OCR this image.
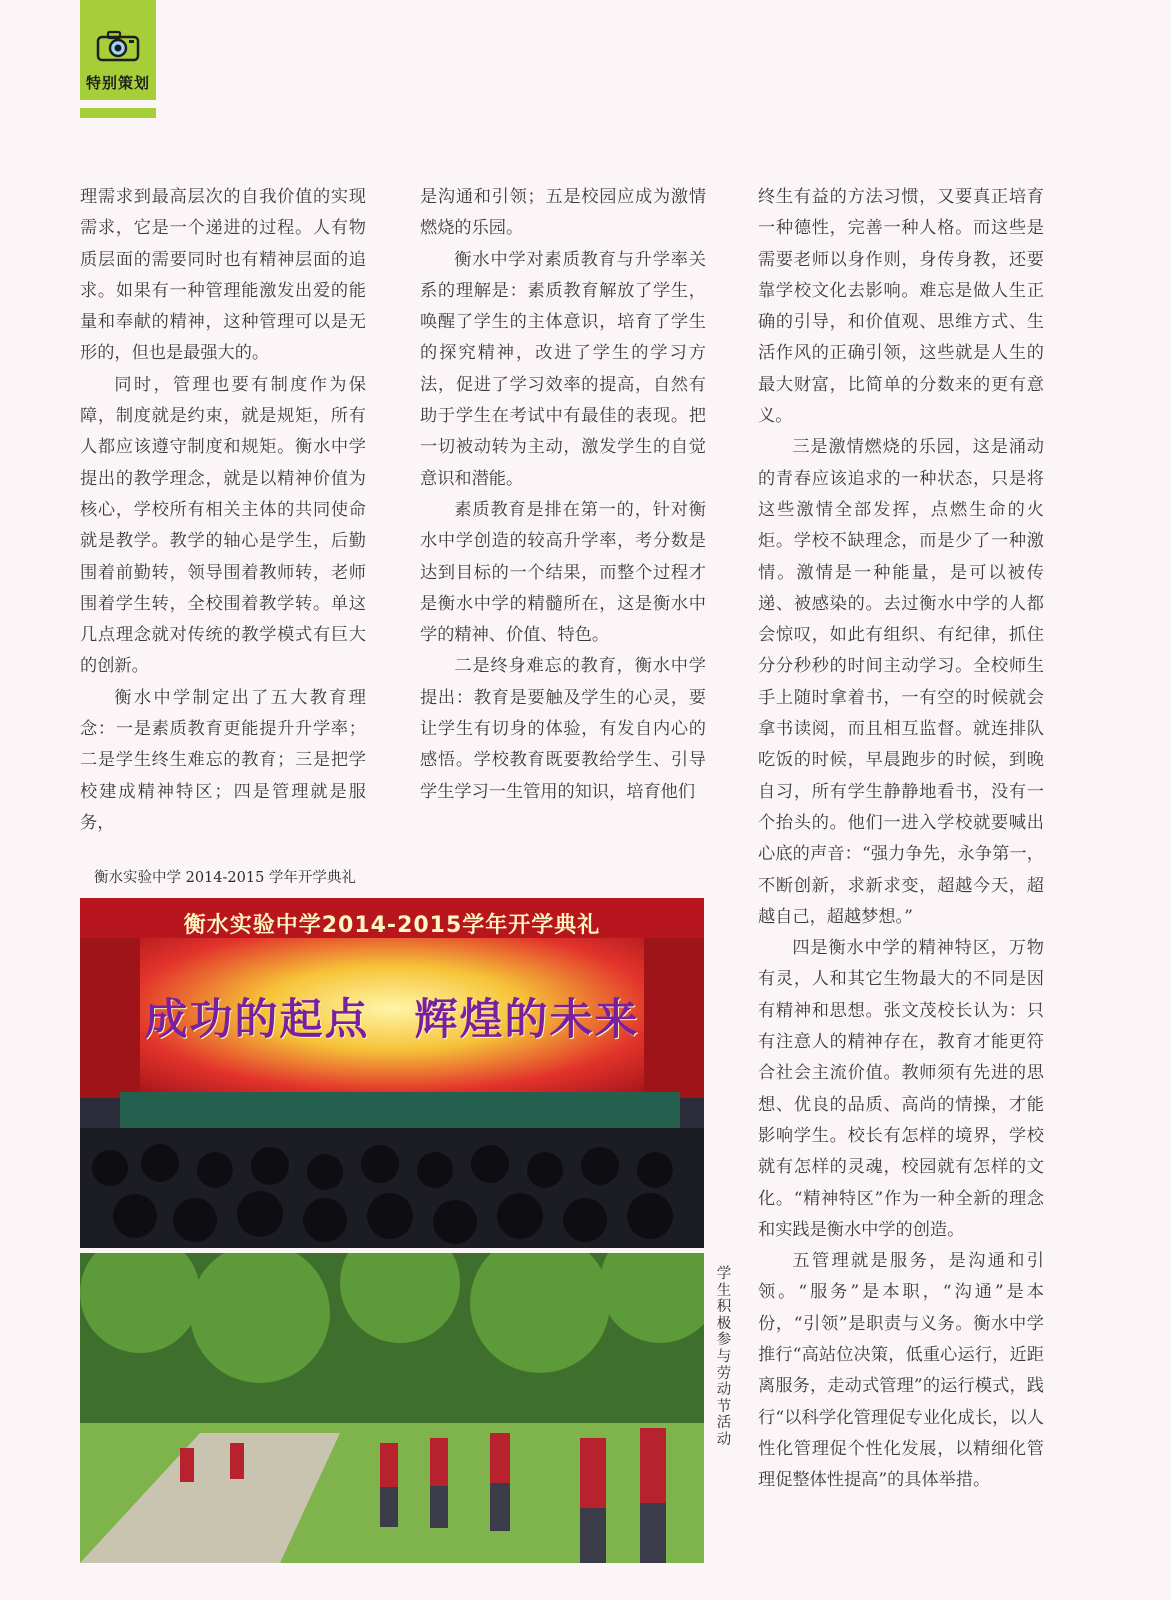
特别策划

理需求到最高层次的自我价值的实现需求，它是一个递进的过程。人有物质层面的需要同时也有精神层面的追求。如果有一种管理能激发出爱的能量和奉献的精神，这种管理可以是无形的，但也是最强大的。

同时，管理也要有制度作为保障，制度就是约束，就是规矩，所有人都应该遵守制度和规矩。衡水中学提出的教学理念，就是以精神价值为核心，学校所有相关主体的共同使命就是教学。教学的轴心是学生，后勤围着前勤转，领导围着教师转，老师围着学生转，全校围着教学转。单这几点理念就对传统的教学模式有巨大的创新。

衡水中学制定出了五大教育理念：一是素质教育更能提升升学率；二是学生终生难忘的教育；三是把学校建成精神特区；四是管理就是服务，

是沟通和引领；五是校园应成为激情燃烧的乐园。

衡水中学对素质教育与升学率关系的理解是：素质教育解放了学生，唤醒了学生的主体意识，培育了学生的探究精神，改进了学生的学习方法，促进了学习效率的提高，自然有助于学生在考试中有最佳的表现。把一切被动转为主动，激发学生的自觉意识和潜能。

素质教育是排在第一的，针对衡水中学创造的较高升学率，考分数是达到目标的一个结果，而整个过程才是衡水中学的精髓所在，这是衡水中学的精神、价值、特色。

二是终身难忘的教育，衡水中学提出：教育是要触及学生的心灵，要让学生有切身的体验，有发自内心的感悟。学校教育既要教给学生、引导学生学习一生管用的知识，培育他们

终生有益的方法习惯，又要真正培育一种德性，完善一种人格。而这些是需要老师以身作则，身传身教，还要靠学校文化去影响。难忘是做人生正确的引导，和价值观、思维方式、生活作风的正确引领，这些就是人生的最大财富，比简单的分数来的更有意义。

三是激情燃烧的乐园，这是涌动的青春应该追求的一种状态，只是将这些激情全部发挥，点燃生命的火炬。学校不缺理念，而是少了一种激情。激情是一种能量，是可以被传递、被感染的。去过衡水中学的人都会惊叹，如此有组织、有纪律，抓住分分秒秒的时间主动学习。全校师生手上随时拿着书，一有空的时候就会拿书读阅，而且相互监督。就连排队吃饭的时候，早晨跑步的时候，到晚自习，所有学生静静地看书，没有一个抬头的。他们一进入学校就要喊出心底的声音：“强力争先，永争第一，不断创新，求新求变，超越今天，超越自己，超越梦想。”

四是衡水中学的精神特区，万物有灵，人和其它生物最大的不同是因有精神和思想。张文茂校长认为：只有注意人的精神存在，教育才能更符合社会主流价值。教师须有先进的思想、优良的品质、高尚的情操，才能影响学生。校长有怎样的境界，学校就有怎样的灵魂，校园就有怎样的文化。“精神特区”作为一种全新的理念和实践是衡水中学的创造。

五管理就是服务，是沟通和引领。“服务”是本职，“沟通”是本份，“引领”是职责与义务。衡水中学推行“高站位决策，低重心运行，近距离服务，走动式管理”的运行模式，践行“以科学化管理促专业化成长，以人性化管理促个性化发展，以精细化管理促整体性提高”的具体举措。

衡水实验中学 2014-2015 学年开学典礼
衡水实验中学2014-2015学年开学典礼
成功的起点　辉煌的未来
学生积极参与劳动节活动
